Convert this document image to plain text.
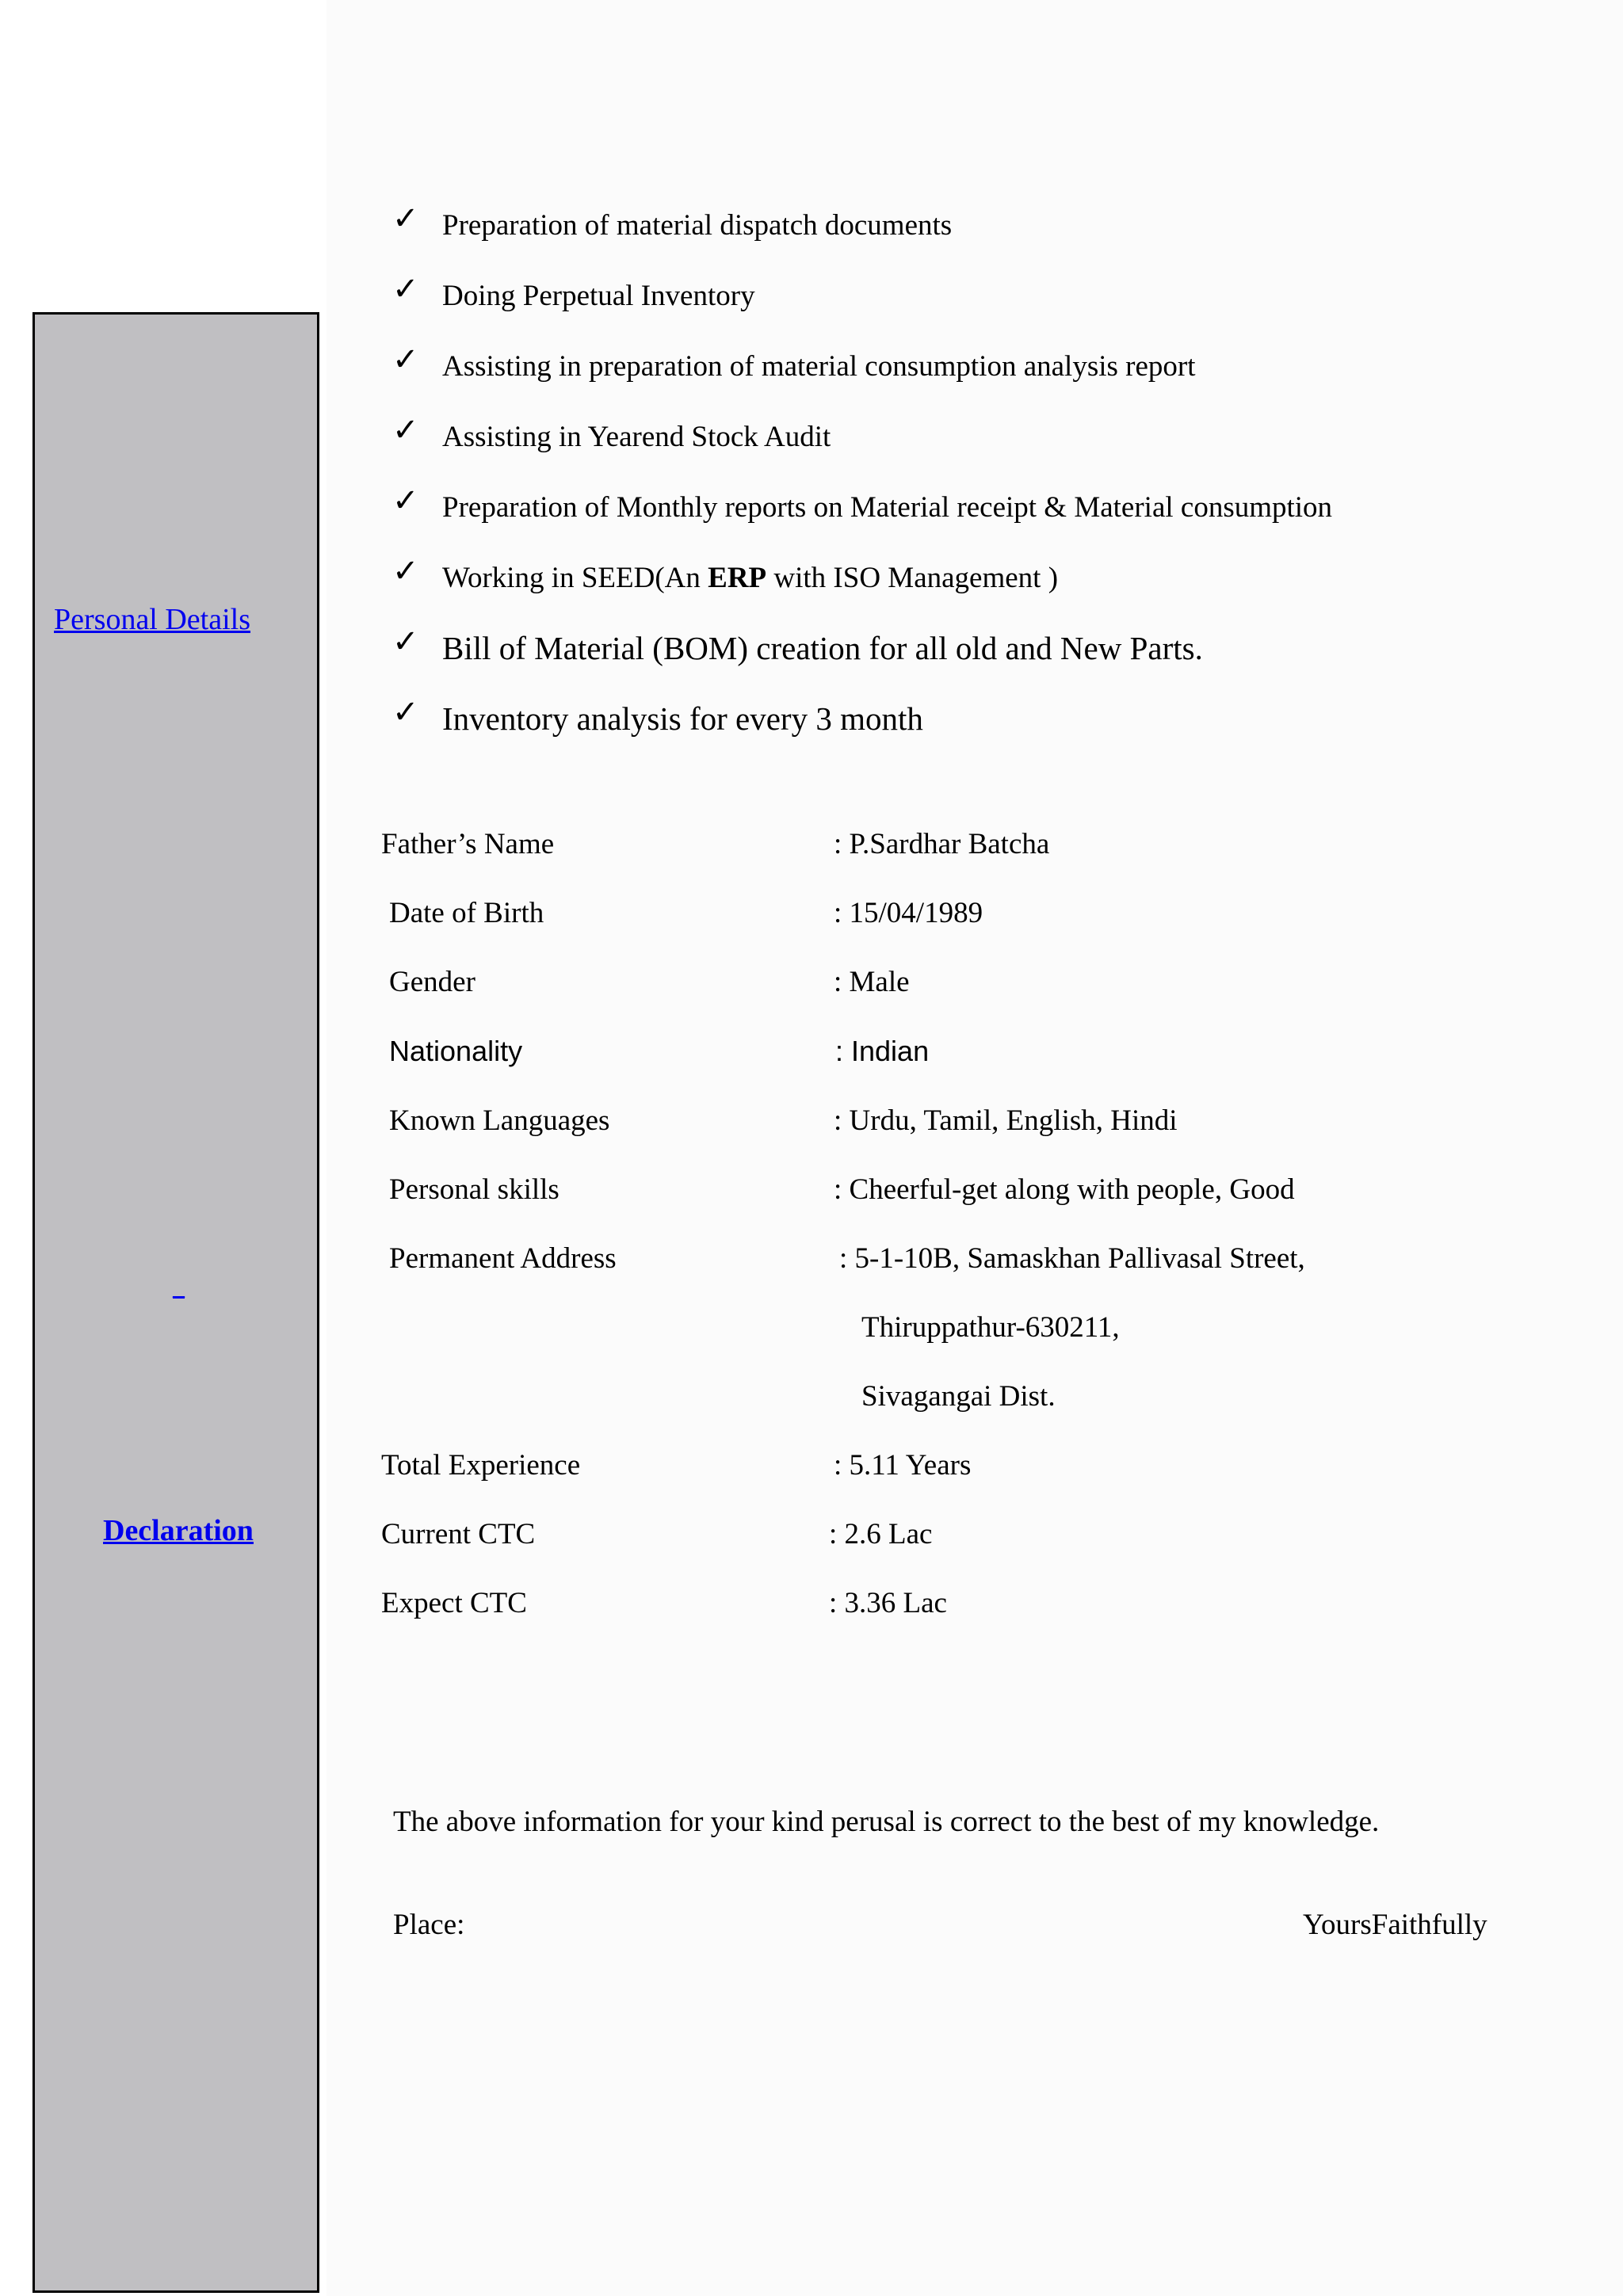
Personal Details
_
Declaration
✓ Preparation of material dispatch documents
✓ Doing Perpetual Inventory
✓ Assisting in preparation of material consumption analysis report
✓ Assisting in Yearend Stock Audit
✓ Preparation of Monthly reports on Material receipt & Material consumption
✓ Working in SEED(An ERP with ISO Management )
✓ Bill of Material (BOM) creation for all old and New Parts.
✓ Inventory analysis for every 3 month
Father’s Name	: P.Sardhar Batcha
Date of Birth	: 15/04/1989
Gender	: Male
Nationality	: Indian
Known Languages	: Urdu, Tamil, English, Hindi
Personal skills	: Cheerful-get along with people, Good
Permanent Address	: 5-1-10B, Samaskhan Pallivasal Street,
Thiruppathur-630211,
Sivagangai Dist.
Total Experience	: 5.11 Years
Current CTC	: 2.6 Lac
Expect CTC	: 3.36 Lac
The above information for your kind perusal is correct to the best of my knowledge.
Place:	YoursFaithfully
